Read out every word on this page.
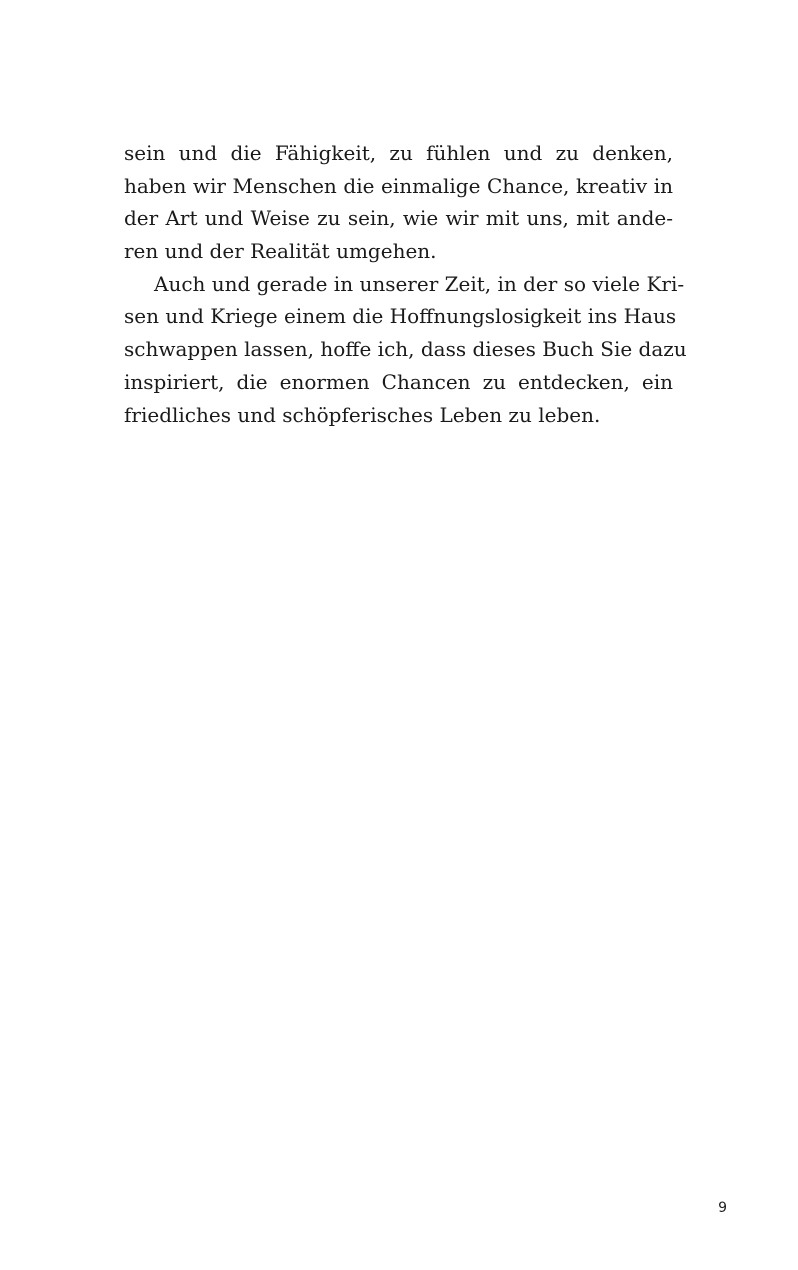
sein und die Fähigkeit, zu fühlen und zu denken,
haben wir Menschen die einmalige Chance, kreativ in
der Art und Weise zu sein, wie wir mit uns, mit ande-
ren und der Realität umgehen.
Auch und gerade in unserer Zeit, in der so viele Kri-
sen und Kriege einem die Hoffnungslosigkeit ins Haus
schwappen lassen, hoffe ich, dass dieses Buch Sie dazu
inspiriert, die enormen Chancen zu entdecken, ein
friedliches und schöpferisches Leben zu leben.
9
